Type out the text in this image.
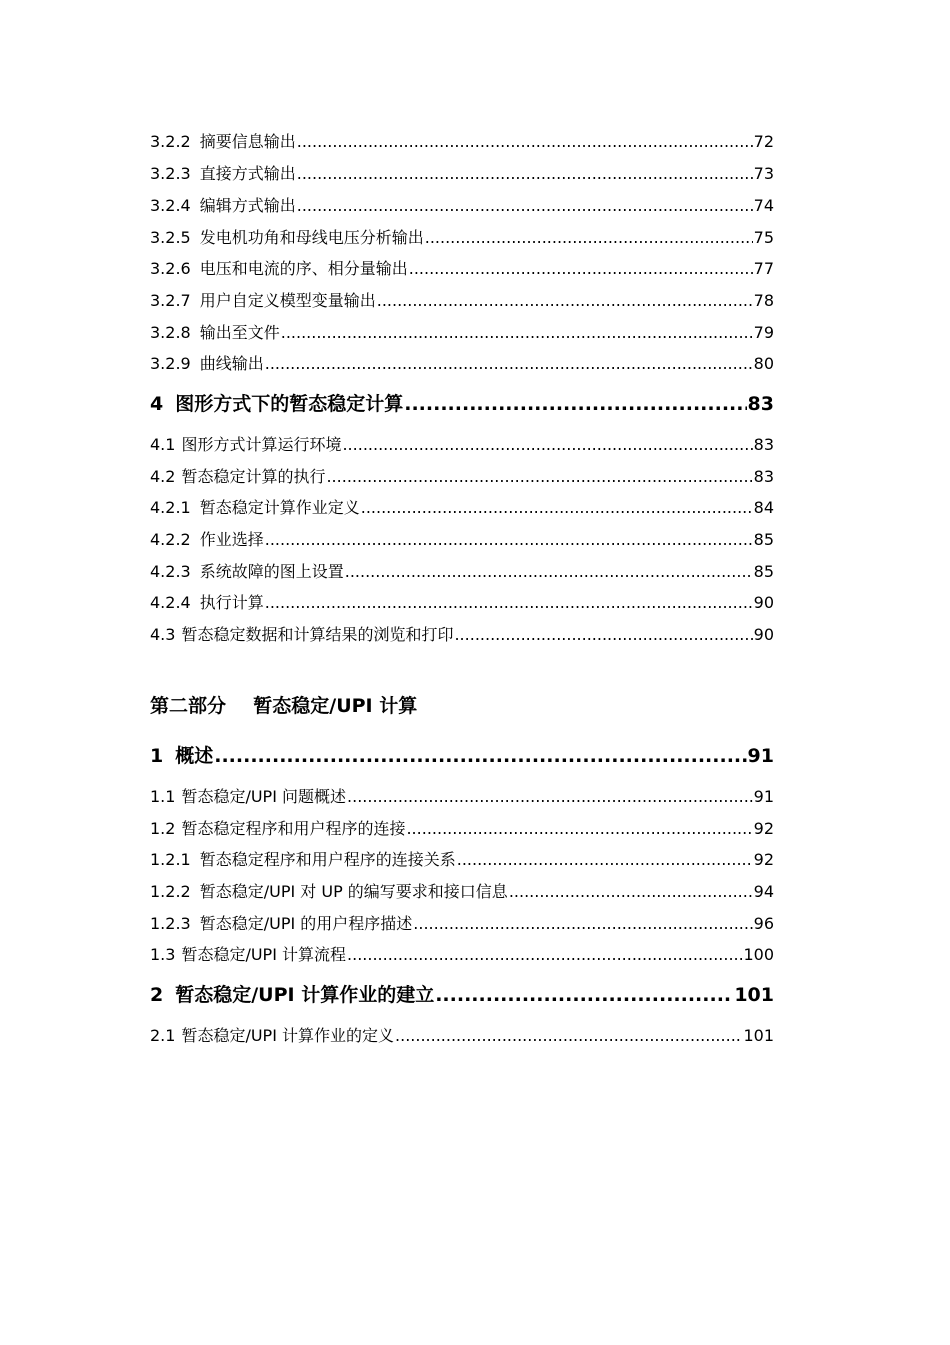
3.2.2 摘要信息输出 .....	72
3.2.3 直接方式输出 .....	73
3.2.4 编辑方式输出 .....	74
3.2.5 发电机功角和母线电压分析输出 .....	75
3.2.6 电压和电流的序、相分量输出 .....	77
3.2.7 用户自定义模型变量输出 .....	78
3.2.8 输出至文件 .....	79
3.2.9 曲线输出 .....	80
4 图形方式下的暂态稳定计算 .....	83
4.1 图形方式计算运行环境 .....	83
4.2 暂态稳定计算的执行 .....	83
4.2.1 暂态稳定计算作业定义 .....	84
4.2.2 作业选择 .....	85
4.2.3 系统故障的图上设置 .....	85
4.2.4 执行计算 .....	90
4.3 暂态稳定数据和计算结果的浏览和打印 .....	90
第二部分 暂态稳定/UPI 计算
1 概述 .....	91
1.1 暂态稳定/UPI 问题概述 .....	91
1.2 暂态稳定程序和用户程序的连接 .....	92
1.2.1 暂态稳定程序和用户程序的连接关系 .....	92
1.2.2 暂态稳定/UPI 对 UP 的编写要求和接口信息 .....	94
1.2.3 暂态稳定/UPI 的用户程序描述 .....	96
1.3 暂态稳定/UPI 计算流程 .....	100
2 暂态稳定/UPI 计算作业的建立 .....	101
2.1 暂态稳定/UPI 计算作业的定义 .....	101
